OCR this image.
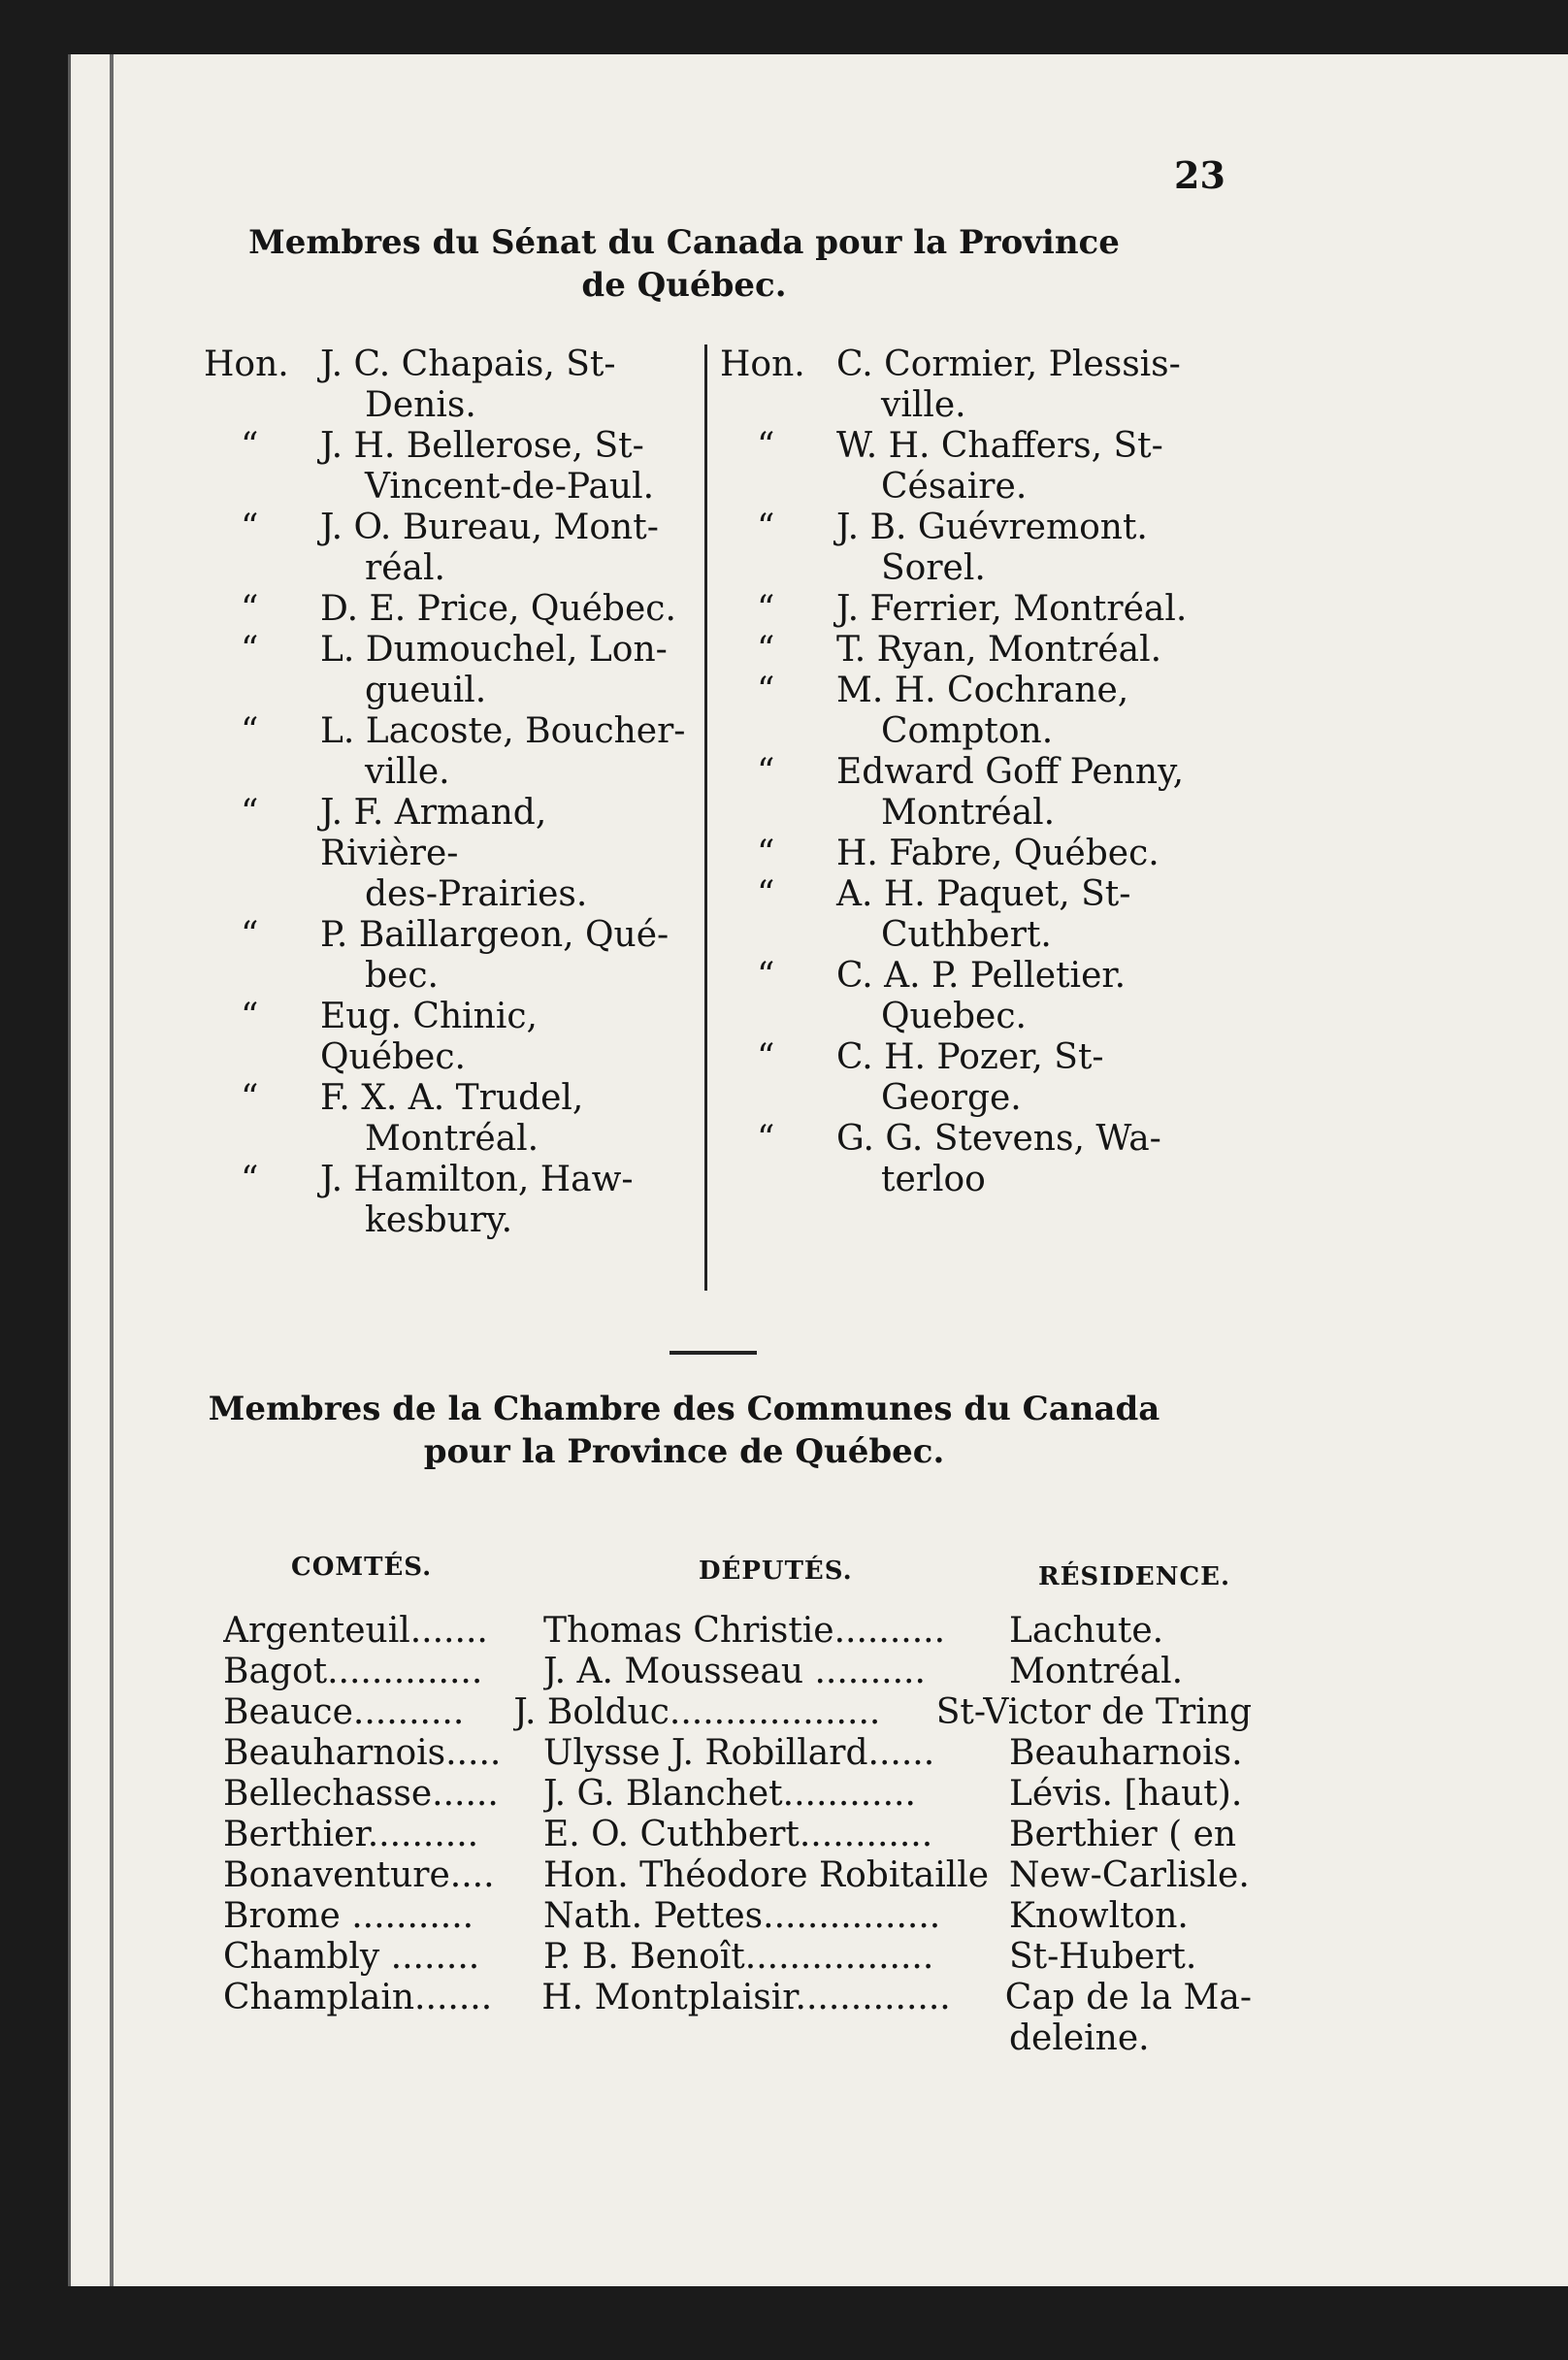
23
Membres du Sénat du Canada pour la Province
de Québec.
Hon. J. C. Chapais, St-
Denis.
“	J. H. Bellerose, St-
Vincent-de-Paul.
“	J. O. Bureau, Mont-
réal.
“	D. E. Price, Québec.
“	L. Dumouchel, Lon-
gueuil.
“	L. Lacoste, Boucher-
ville.
“	J. F. Armand, Rivière-
des-Prairies.
“	P. Baillargeon, Qué-
bec.
“	Eug. Chinic, Québec.
“	F. X. A. Trudel,
Montréal.
“	J. Hamilton, Haw-
kesbury.
Hon. C. Cormier, Plessis-
ville.
“	W. H. Chaffers, St-
Césaire.
“	J. B. Guévremont.
Sorel.
“	J. Ferrier, Montréal.
“	T. Ryan, Montréal.
“	M. H. Cochrane,
Compton.
“	Edward Goff Penny,
Montréal.
“	H. Fabre, Québec.
“	A. H. Paquet, St-
Cuthbert.
“	C. A. P. Pelletier.
Quebec.
“	C. H. Pozer, St-
George.
“	G. G. Stevens, Wa-
terloo
Membres de la Chambre des Communes du Canada
pour la Province de Québec.
COMTÉS.	DÉPUTÉS.	RÉSIDENCE.
Argenteuil.......	Thomas Christie..........	Lachute.
Bagot..............	J. A. Mousseau ..........	Montréal.
Beauce..........	J. Bolduc...................	St-Victor de Tring
Beauharnois.....	Ulysse J. Robillard......	Beauharnois.
Bellechasse......	J. G. Blanchet............	Lévis. [haut).
Berthier..........	E. O. Cuthbert............	Berthier ( en
Bonaventure....	Hon. Théodore Robitaille New-Carlisle.
Brome ...........	Nath. Pettes................	Knowlton.
Chambly ........	P. B. Benoît.................	St-Hubert.
Champlain.......	H. Montplaisir..............	Cap de la Ma-
deleine.
